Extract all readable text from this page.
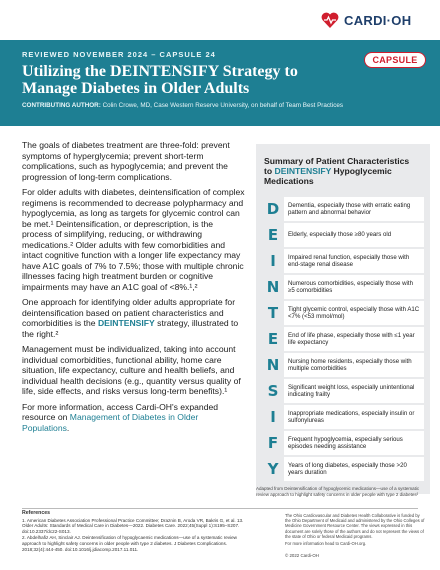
CARDI·OH
REVIEWED NOVEMBER 2024 – CAPSULE 24
Utilizing the DEINTENSIFY Strategy to Manage Diabetes in Older Adults
CONTRIBUTING AUTHOR: Colin Crowe, MD, Case Western Reserve University, on behalf of Team Best Practices
CAPSULE

The goals of diabetes treatment are three-fold: prevent symptoms of hyperglycemia; prevent short-term complications, such as hypoglycemia; and prevent the progression of long-term complications.

For older adults with diabetes, deintensification of complex regimens is recommended to decrease polypharmacy and hypoglycemia, as long as targets for glycemic control can be met.¹ Deintensification, or deprescription, is the process of simplifying, reducing, or withdrawing medications.² Older adults with few comorbidities and intact cognitive function with a longer life expectancy may have A1C goals of 7% to 7.5%; those with multiple chronic illnesses facing high treatment burden or cognitive impairments may have an A1C goal of <8%.¹,²

One approach for identifying older adults appropriate for deintensification based on patient characteristics and comorbidities is the DEINTENSIFY strategy, illustrated to the right.²

Management must be individualized, taking into account individual comorbidities, functional ability, home care situation, life expectancy, culture and health beliefs, and individual health decisions (e.g., quantity versus quality of life, side effects, and risks versus long-term benefits).¹

For more information, access Cardi-OH's expanded resource on Management of Diabetes in Older Populations.

Summary of Patient Characteristics
to DEINTENSIFY Hypoglycemic Medications
D	Dementia, especially those with erratic eating pattern and abnormal behavior
E	Elderly, especially those ≥80 years old
I	Impaired renal function, especially those with end-stage renal disease
N	Numerous comorbidities, especially those with ≥5 comorbidities
T	Tight glycemic control, especially those with A1C <7% (<53 mmol/mol)
E	End of life phase, especially those with ≤1 year life expectancy
N	Nursing home residents, especially those with multiple comorbidities
S	Significant weight loss, especially unintentional indicating frailty
I	Inappropriate medications, especially insulin or sulfonylureas
F	Frequent hypoglycemia, especially serious episodes needing assistance
Y	Years of long diabetes, especially those >20 years duration
Adapted from Deintensification of hypoglycemic medications—use of a systematic review approach to highlight safety concerns in older people with type 2 diabetes²
References
1. American Diabetes Association Professional Practice Committee; Draznin B, Aroda VR, Bakris G, et al. 13. Older Adults: Standards of Medical Care in Diabetes—2022. Diabetes Care. 2022;45(Suppl 1):S195–S207. doi:10.2337/dc22-S013.
2. Abdelhafiz AH, Sinclair AJ. Deintensification of hypoglycaemic medications—use of a systematic review approach to highlight safety concerns in older people with type 2 diabetes. J Diabetes Complications. 2018;32(4):444-450. doi:10.1016/j.jdiacomp.2017.11.011.

The Ohio Cardiovascular and Diabetes Health Collaborative is funded by the Ohio Department of Medicaid and administered by the Ohio Colleges of Medicine Government Resource Center. The views expressed in this document are solely those of the authors and do not represent the views of the state of Ohio or federal Medicaid programs.

For more information head to Cardi-OH.org.

© 2022 Cardi-OH
